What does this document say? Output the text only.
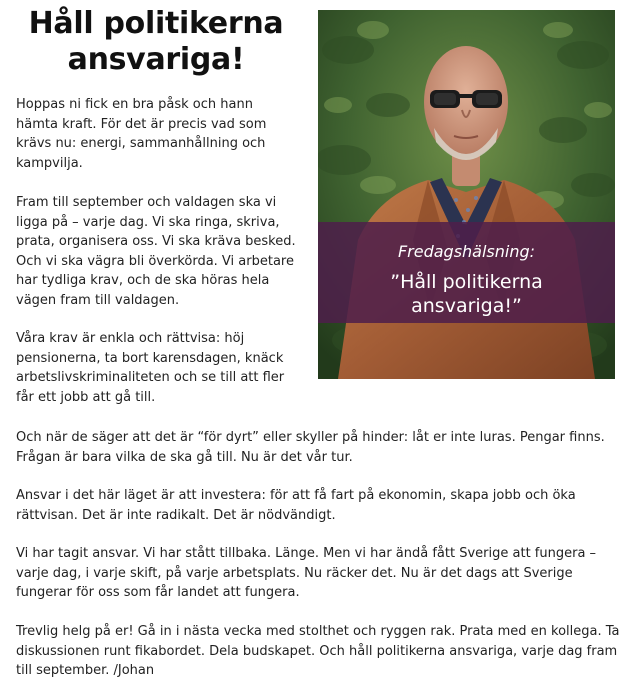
Håll politikerna ansvariga!
Fredagshälsning:
”Håll politikerna
ansvariga!”

Hoppas ni fick en bra påsk och hann
hämta kraft. För det är precis vad som
krävs nu: energi, sammanhållning och
kampvilja.

Fram till september och valdagen ska vi
ligga på – varje dag. Vi ska ringa, skriva,
prata, organisera oss. Vi ska kräva besked.
Och vi ska vägra bli överkörda. Vi arbetare
har tydliga krav, och de ska höras hela
vägen fram till valdagen.

Våra krav är enkla och rättvisa: höj
pensionerna, ta bort karensdagen, knäck
arbetslivskriminaliteten och se till att fler
får ett jobb att gå till.

Och när de säger att det är “för dyrt” eller skyller på hinder: låt er inte luras. Pengar finns.
Frågan är bara vilka de ska gå till. Nu är det vår tur.

Ansvar i det här läget är att investera: för att få fart på ekonomin, skapa jobb och öka
rättvisan. Det är inte radikalt. Det är nödvändigt.

Vi har tagit ansvar. Vi har stått tillbaka. Länge. Men vi har ändå fått Sverige att fungera –
varje dag, i varje skift, på varje arbetsplats. Nu räcker det. Nu är det dags att Sverige
fungerar för oss som får landet att fungera.

Trevlig helg på er! Gå in i nästa vecka med stolthet och ryggen rak. Prata med en kollega. Ta
diskussionen runt fikabordet. Dela budskapet. Och håll politikerna ansvariga, varje dag fram
till september. /Johan
